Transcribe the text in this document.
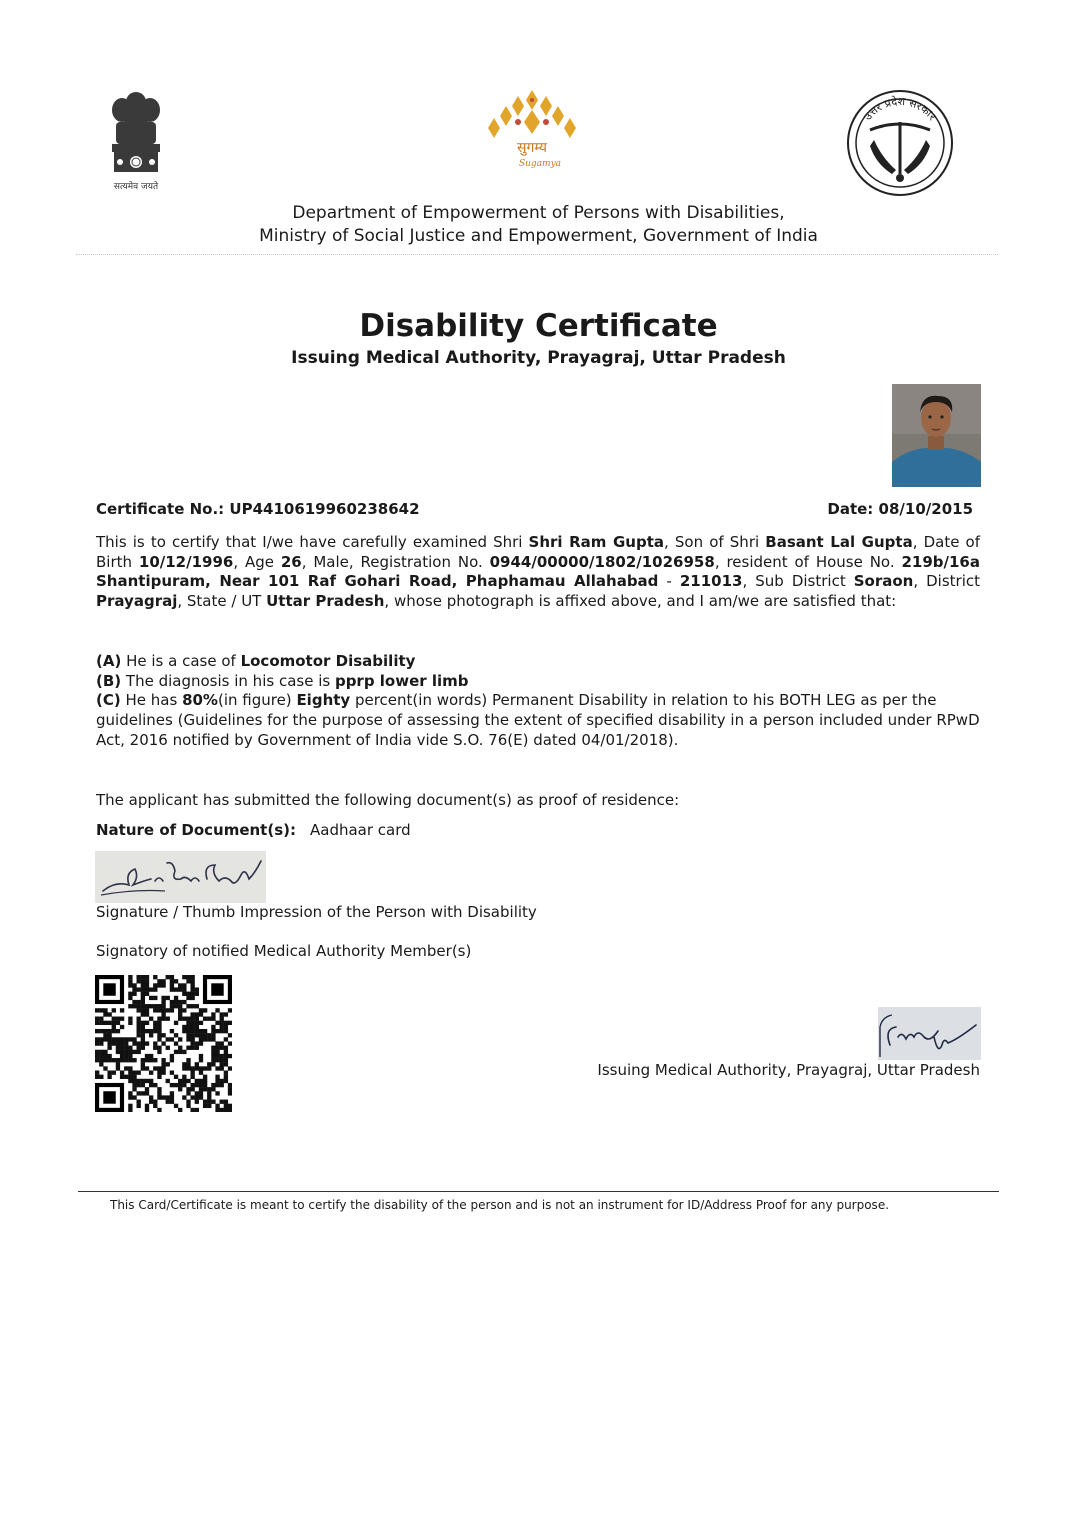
सत्यमेव जयते
सुगम्य
Sugamya
उत्तर प्रदेश सरकार
Department of Empowerment of Persons with Disabilities,
Ministry of Social Justice and Empowerment, Government of India
Disability Certificate
Issuing Medical Authority, Prayagraj, Uttar Pradesh
Certificate No.: UP4410619960238642	Date: 08/10/2015
This is to certify that I/we have carefully examined Shri Shri Ram Gupta, Son of Shri Basant Lal Gupta, Date of Birth 10/12/1996, Age 26, Male, Registration No. 0944/00000/1802/1026958, resident of House No. 219b/16a Shantipuram, Near 101 Raf Gohari Road, Phaphamau Allahabad - 211013, Sub District Soraon, District Prayagraj, State / UT Uttar Pradesh, whose photograph is affixed above, and I am/we are satisfied that:
(A) He is a case of Locomotor Disability
(B) The diagnosis in his case is pprp lower limb
(C) He has 80%(in figure) Eighty percent(in words) Permanent Disability in relation to his BOTH LEG as per the guidelines (Guidelines for the purpose of assessing the extent of specified disability in a person included under RPwD Act, 2016 notified by Government of India vide S.O. 76(E) dated 04/01/2018).
The applicant has submitted the following document(s) as proof of residence:
Nature of Document(s): Aadhaar card
Signature / Thumb Impression of the Person with Disability
Signatory of notified Medical Authority Member(s)
Issuing Medical Authority, Prayagraj, Uttar Pradesh
This Card/Certificate is meant to certify the disability of the person and is not an instrument for ID/Address Proof for any purpose.
